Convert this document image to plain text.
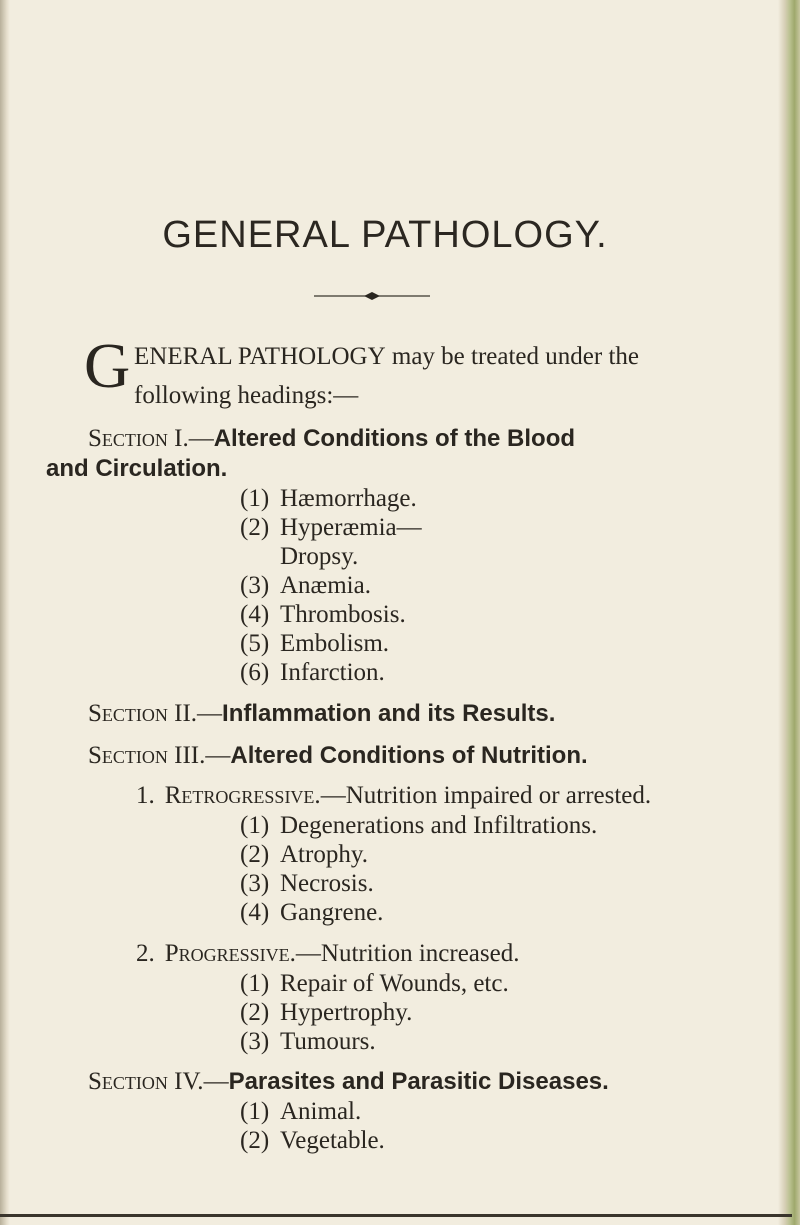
GENERAL PATHOLOGY.
G ENERAL PATHOLOGY may be treated under the
following headings:—
Section I.—Altered Conditions of the Blood
and Circulation.
(1) Hæmorrhage.
(2) Hyperæmia—
Dropsy.
(3) Anæmia.
(4) Thrombosis.
(5) Embolism.
(6) Infarction.
Section II.—Inflammation and its Results.
Section III.—Altered Conditions of Nutrition.
1. Retrogressive.—Nutrition impaired or arrested.
(1) Degenerations and Infiltrations.
(2) Atrophy.
(3) Necrosis.
(4) Gangrene.
2. Progressive.—Nutrition increased.
(1) Repair of Wounds, etc.
(2) Hypertrophy.
(3) Tumours.
Section IV.—Parasites and Parasitic Diseases.
(1) Animal.
(2) Vegetable.
